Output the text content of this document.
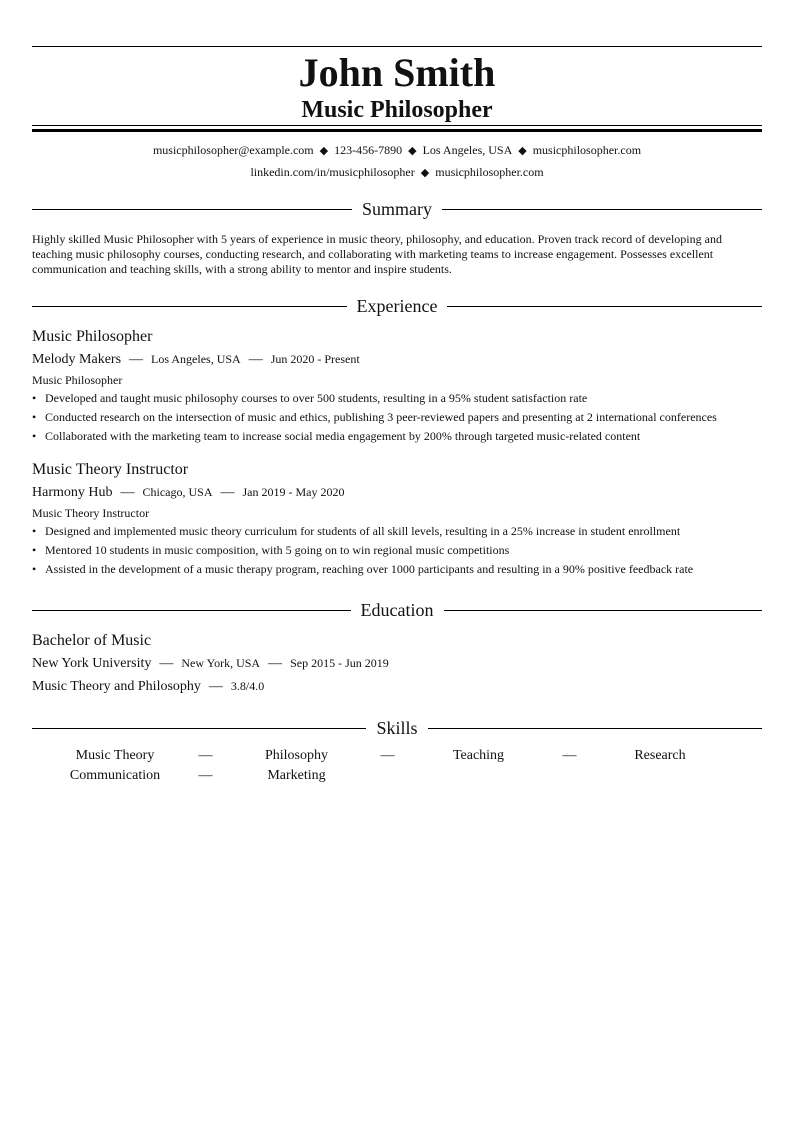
John Smith
Music Philosopher
musicphilosopher@example.com ◆ 123-456-7890 ◆ Los Angeles, USA ◆ musicphilosopher.com
linkedin.com/in/musicphilosopher ◆ musicphilosopher.com
Summary
Highly skilled Music Philosopher with 5 years of experience in music theory, philosophy, and education. Proven track record of developing and teaching music philosophy courses, conducting research, and collaborating with marketing teams to increase engagement. Possesses excellent communication and teaching skills, with a strong ability to mentor and inspire students.
Experience
Music Philosopher
Melody Makers — Los Angeles, USA — Jun 2020 - Present
Music Philosopher
• Developed and taught music philosophy courses to over 500 students, resulting in a 95% student satisfaction rate
• Conducted research on the intersection of music and ethics, publishing 3 peer-reviewed papers and presenting at 2 international conferences
• Collaborated with the marketing team to increase social media engagement by 200% through targeted music-related content
Music Theory Instructor
Harmony Hub — Chicago, USA — Jan 2019 - May 2020
Music Theory Instructor
• Designed and implemented music theory curriculum for students of all skill levels, resulting in a 25% increase in student enrollment
• Mentored 10 students in music composition, with 5 going on to win regional music competitions
• Assisted in the development of a music therapy program, reaching over 1000 participants and resulting in a 90% positive feedback rate
Education
Bachelor of Music
New York University — New York, USA — Sep 2015 - Jun 2019
Music Theory and Philosophy — 3.8/4.0
Skills
Music Theory	—	Philosophy	—	Teaching	—	Research
Communication	—	Marketing
